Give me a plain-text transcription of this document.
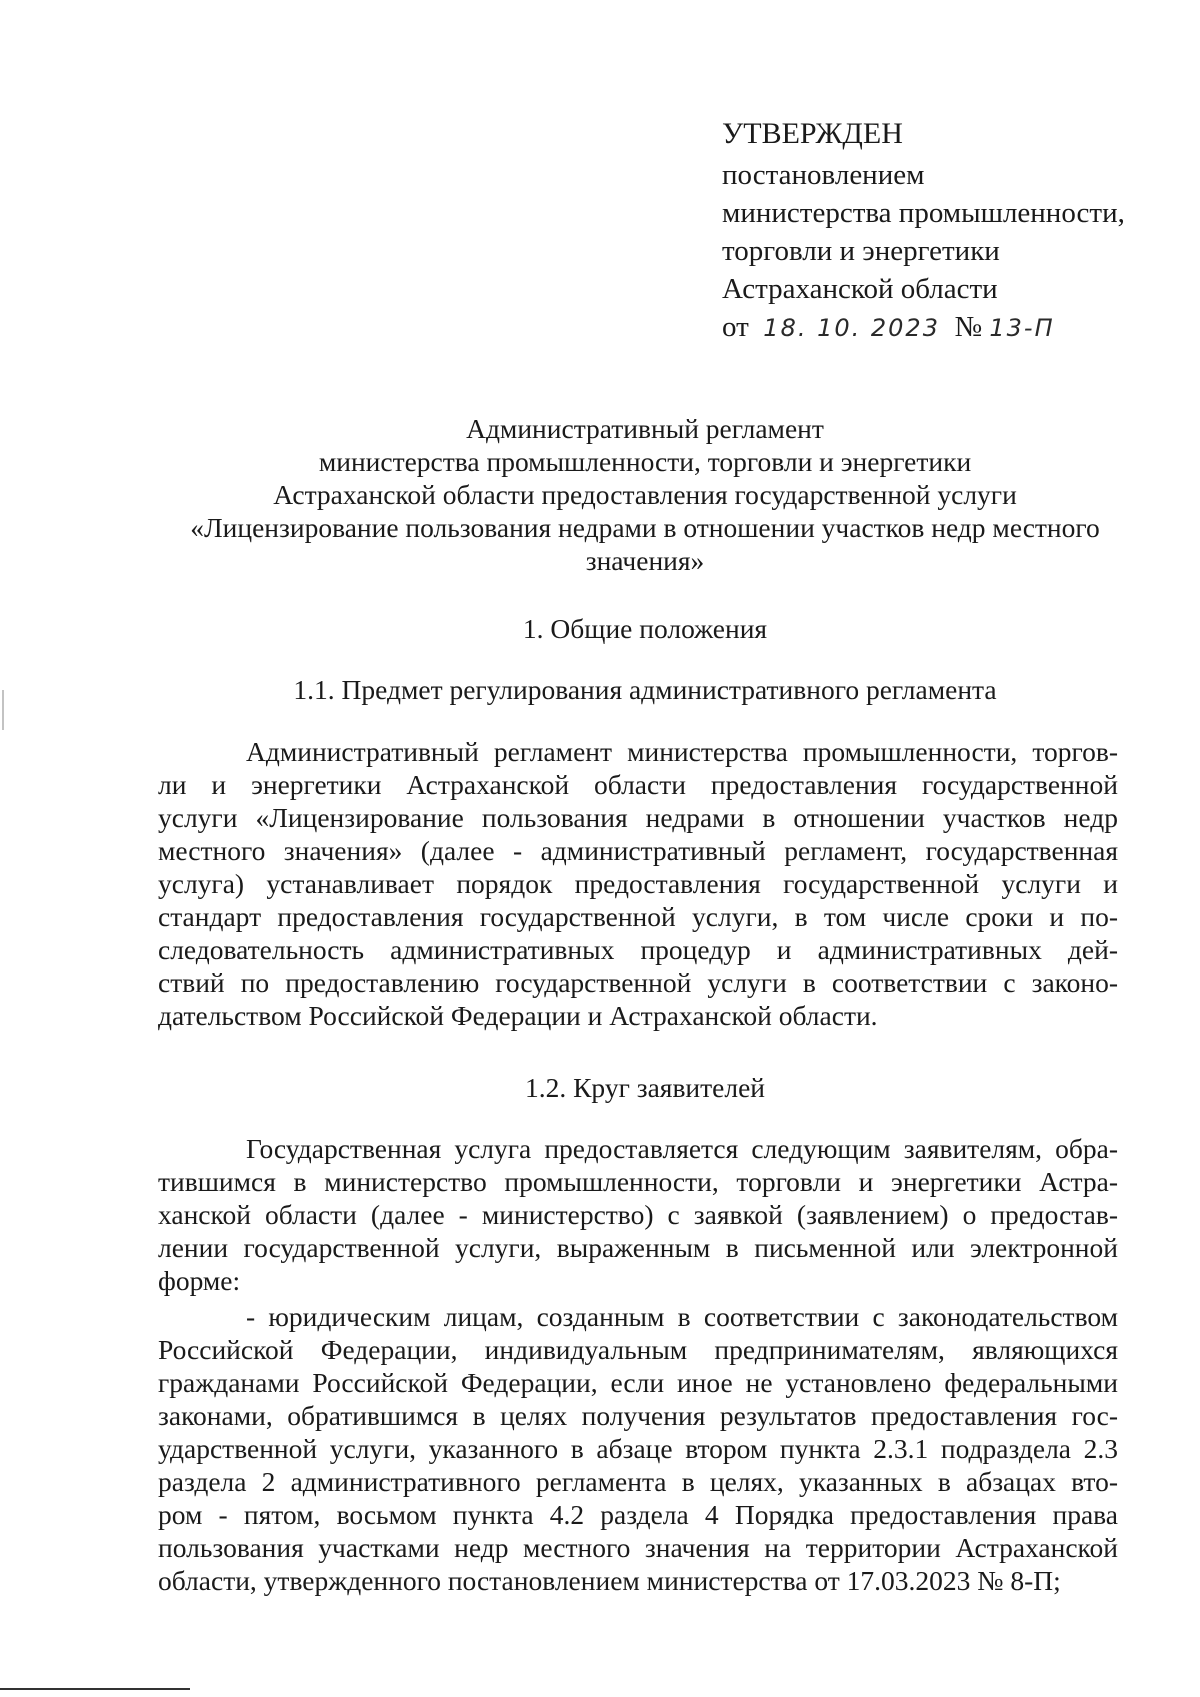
УТВЕРЖДЕН
постановлением
министерства промышленности,
торговли и энергетики
Астраханской области
от 18. 10. 2023 № 13-П
Административный регламент
министерства промышленности, торговли и энергетики
Астраханской области предоставления государственной услуги
«Лицензирование пользования недрами в отношении участков недр местного
значения»
1. Общие положения
1.1. Предмет регулирования административного регламента
Административный регламент министерства промышленности, торгов-
ли и энергетики Астраханской области предоставления государственной
услуги «Лицензирование пользования недрами в отношении участков недр
местного значения» (далее - административный регламент, государственная
услуга) устанавливает порядок предоставления государственной услуги и
стандарт предоставления государственной услуги, в том числе сроки и по-
следовательность административных процедур и административных дей-
ствий по предоставлению государственной услуги в соответствии с законо-
дательством Российской Федерации и Астраханской области.
1.2. Круг заявителей
Государственная услуга предоставляется следующим заявителям, обра-
тившимся в министерство промышленности, торговли и энергетики Астра-
ханской области (далее - министерство) с заявкой (заявлением) о предостав-
лении государственной услуги, выраженным в письменной или электронной
форме:
- юридическим лицам, созданным в соответствии с законодательством
Российской Федерации, индивидуальным предпринимателям, являющихся
гражданами Российской Федерации, если иное не установлено федеральными
законами, обратившимся в целях получения результатов предоставления гос-
ударственной услуги, указанного в абзаце втором пункта 2.3.1 подраздела 2.3
раздела 2 административного регламента в целях, указанных в абзацах вто-
ром - пятом, восьмом пункта 4.2 раздела 4 Порядка предоставления права
пользования участками недр местного значения на территории Астраханской
области, утвержденного постановлением министерства от 17.03.2023 № 8-П;
